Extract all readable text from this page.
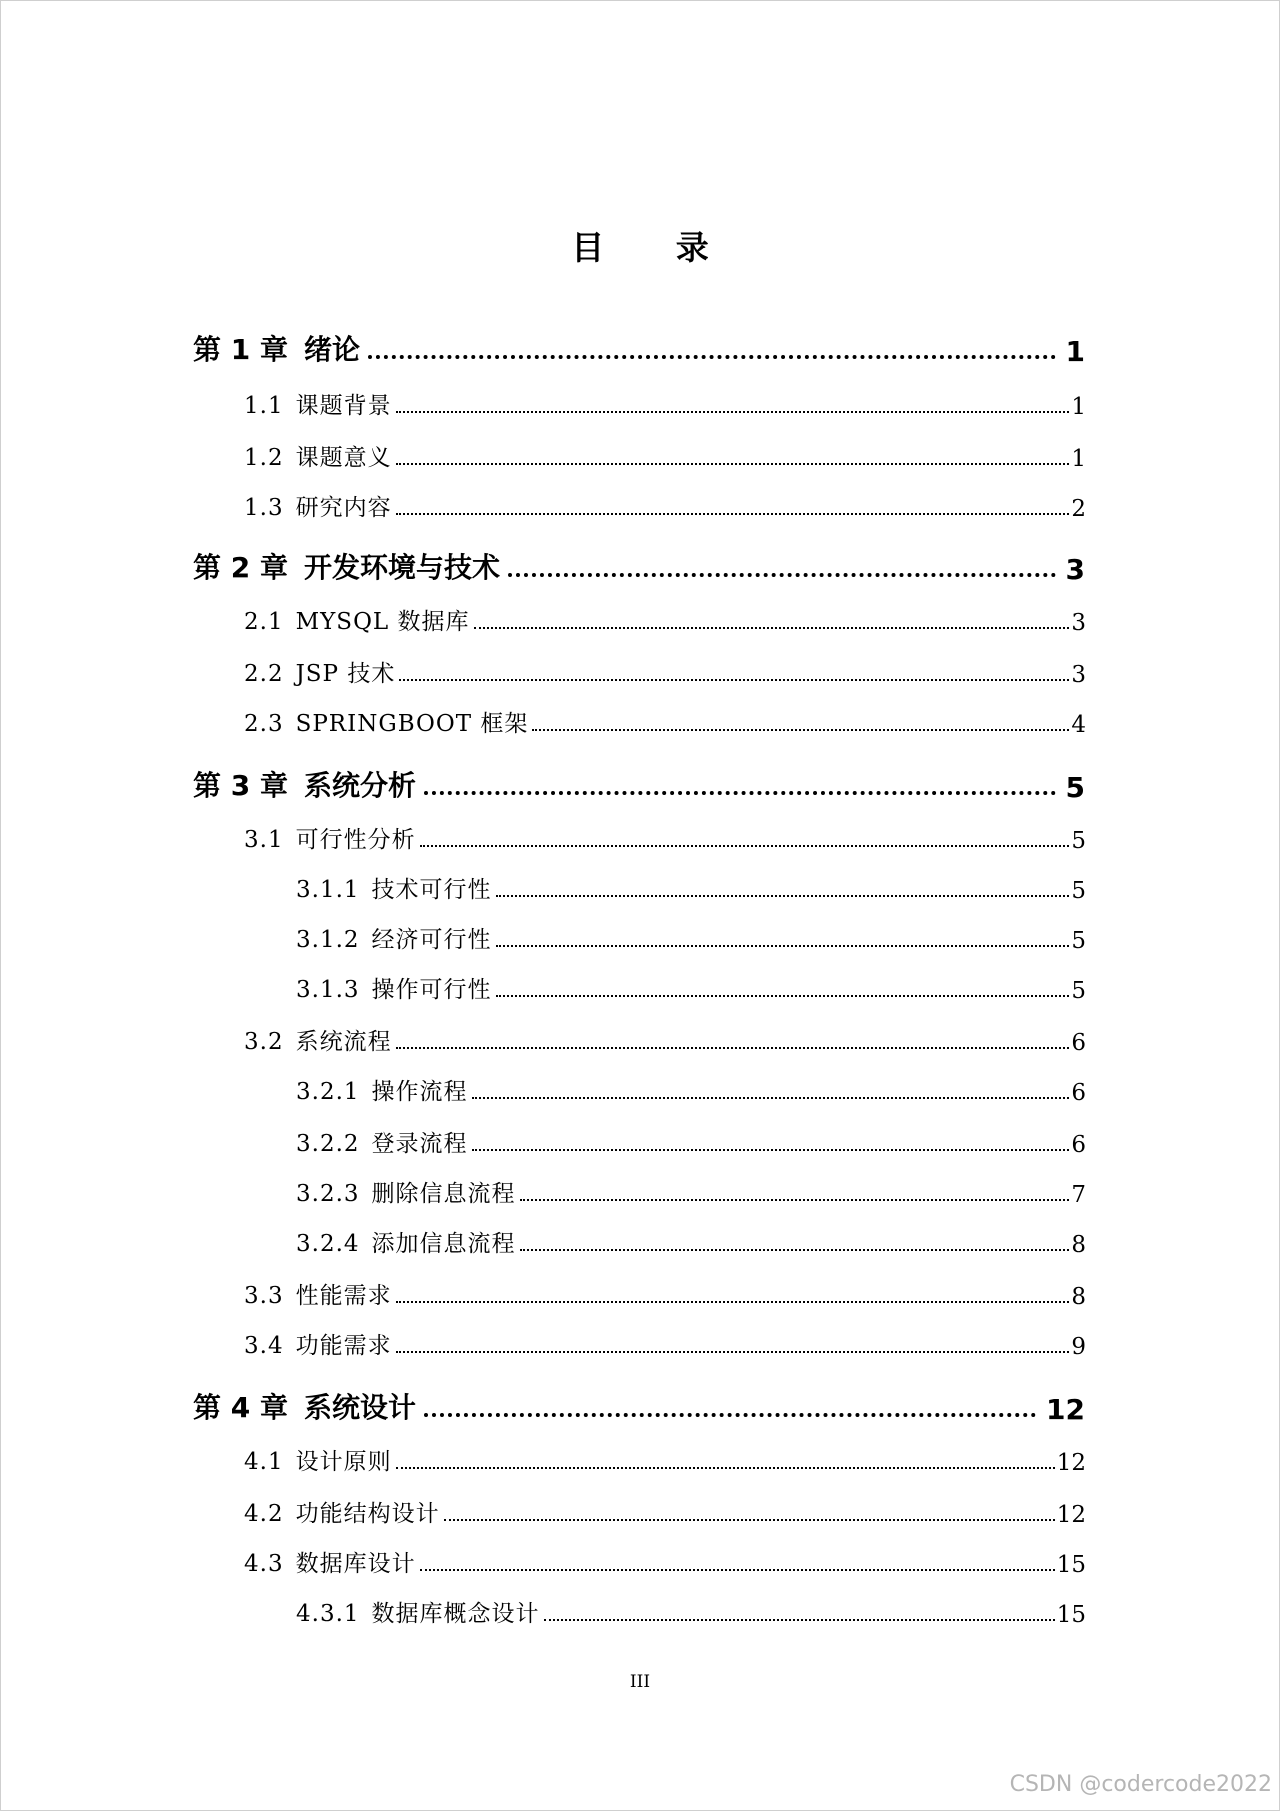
目 录
第 1 章 绪论	1
1.1 课题背景	1
1.2 课题意义	1
1.3 研究内容	2
第 2 章 开发环境与技术	3
2.1 MYSQL 数据库	3
2.2 JSP 技术	3
2.3 SPRINGBOOT 框架	4
第 3 章 系统分析	5
3.1 可行性分析	5
3.1.1 技术可行性	5
3.1.2 经济可行性	5
3.1.3 操作可行性	5
3.2 系统流程	6
3.2.1 操作流程	6
3.2.2 登录流程	6
3.2.3 删除信息流程	7
3.2.4 添加信息流程	8
3.3 性能需求	8
3.4 功能需求	9
第 4 章 系统设计	12
4.1 设计原则	12
4.2 功能结构设计	12
4.3 数据库设计	15
4.3.1 数据库概念设计	15
III
CSDN @codercode2022
